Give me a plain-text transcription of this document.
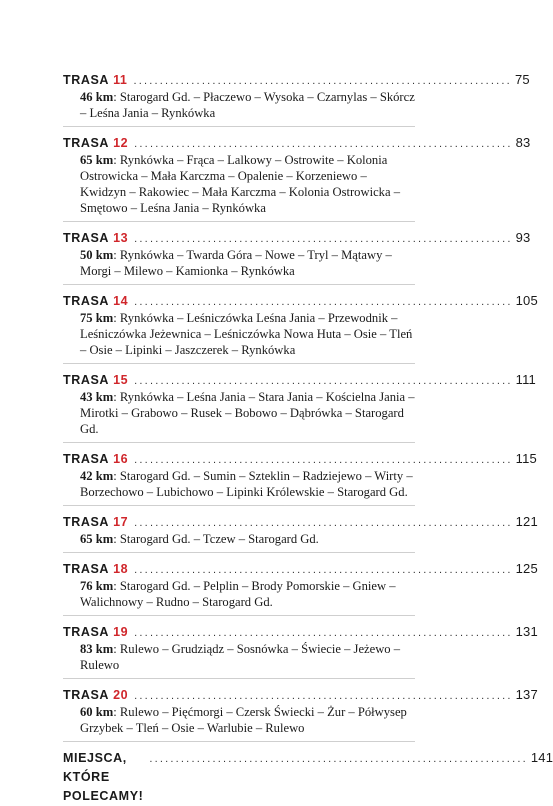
TRASA 11 ........................................................................ 75
46 km: Starogard Gd. – Płaczewo – Wysoka – Czarnylas – Skórcz – Leśna Jania – Rynkówka
TRASA 12 ........................................................................ 83
65 km: Rynkówka – Frąca – Lalkowy – Ostrowite – Kolonia Ostrowicka – Mała Karczma – Opalenie – Korzeniewo – Kwidzyn – Rakowiec – Mała Karczma – Kolonia Ostrowicka – Smętowo – Leśna Jania – Rynkówka
TRASA 13 ........................................................................ 93
50 km: Rynkówka – Twarda Góra – Nowe – Tryl – Mątawy – Morgi – Milewo – Kamionka – Rynkówka
TRASA 14 ........................................................................ 105
75 km: Rynkówka – Leśniczówka Leśna Jania – Przewodnik – Leśniczówka Jeżewnica – Leśniczówka Nowa Huta – Osie – Tleń – Osie – Lipinki – Jaszczerek – Rynkówka
TRASA 15 ........................................................................ 111
43 km: Rynkówka – Leśna Jania – Stara Jania – Kościelna Jania – Mirotki – Grabowo – Rusek – Bobowo – Dąbrówka – Starogard Gd.
TRASA 16 ........................................................................ 115
42 km: Starogard Gd. – Sumin – Szteklin – Radziejewo – Wirty – Borzechowo – Lubichowo – Lipinki Królewskie – Starogard Gd.
TRASA 17 ........................................................................ 121
65 km: Starogard Gd. – Tczew – Starogard Gd.
TRASA 18 ........................................................................ 125
76 km: Starogard Gd. – Pelplin – Brody Pomorskie – Gniew – Walichnowy – Rudno – Starogard Gd.
TRASA 19 ........................................................................ 131
83 km: Rulewo – Grudziądz – Sosnówka – Świecie – Jeżewo – Rulewo
TRASA 20 ........................................................................ 137
60 km: Rulewo – Pięćmorgi – Czersk Świecki – Żur – Półwysep Grzybek – Tleń – Osie – Warlubie – Rulewo
MIEJSCA, KTÓRE POLECAMY!
........................................................................ 141
